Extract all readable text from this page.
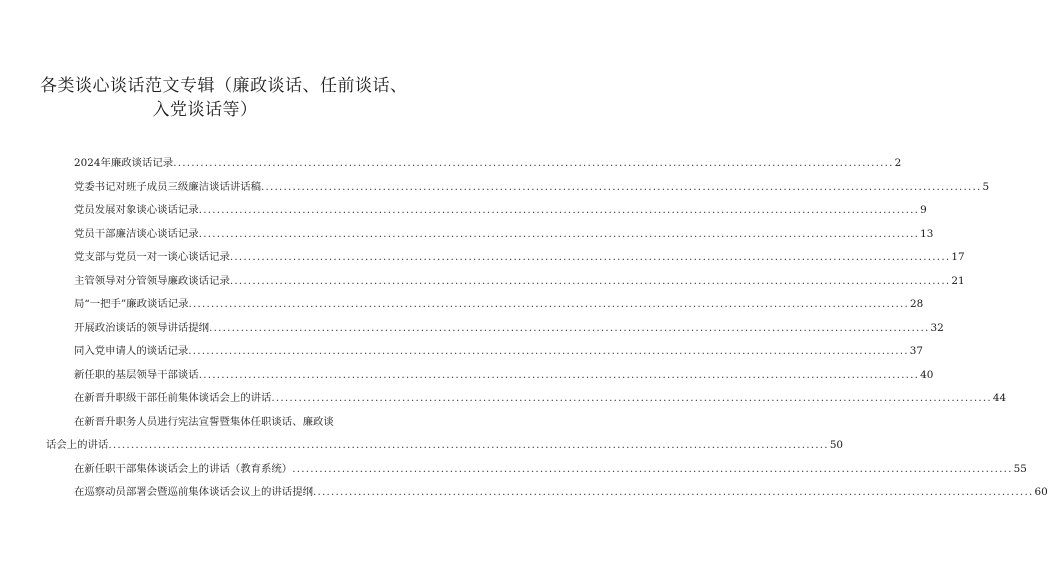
各类谈心谈话范文专辑（廉政谈话、任前谈话、
入党谈话等）
2024年廉政谈话记录 .....	2
党委书记对班子成员三级廉洁谈话讲话稿 .....	5
党员发展对象谈心谈话记录 .....	9
党员干部廉洁谈心谈话记录 .....	13
党支部与党员一对一谈心谈话记录 .....	17
主管领导对分管领导廉政谈话记录 .....	21
局“一把手”廉政谈话记录 .....	28
开展政治谈话的领导讲话提纲 .....	32
同入党申请人的谈话记录 .....	37
新任职的基层领导干部谈话 .....	40
在新晋升职级干部任前集体谈话会上的讲话 .....	44
在新晋升职务人员进行宪法宣誓暨集体任职谈话、廉政谈
话会上的讲话 .....	50
在新任职干部集体谈话会上的讲话（教育系统） .....	55
在巡察动员部署会暨巡前集体谈话会议上的讲话提纲 .....	60
